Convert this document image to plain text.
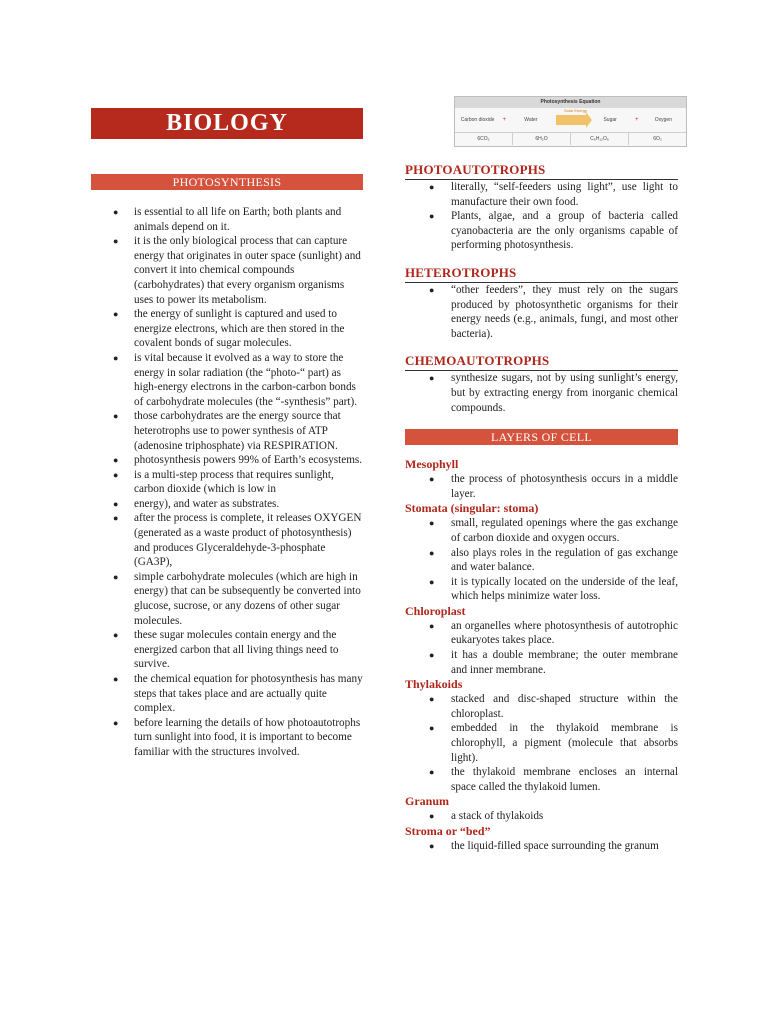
BIOLOGY
PHOTOSYNTHESIS
● is essential to all life on Earth; both plants and animals depend on it.
● it is the only biological process that can capture energy that originates in outer space (sunlight) and convert it into chemical compounds (carbohydrates) that every organism organisms uses to power its metabolism.
● the energy of sunlight is captured and used to energize electrons, which are then stored in the covalent bonds of sugar molecules.
● is vital because it evolved as a way to store the energy in solar radiation (the “photo-“ part) as high-energy electrons in the carbon-carbon bonds of carbohydrate molecules (the “-synthesis” part).
● those carbohydrates are the energy source that heterotrophs use to power synthesis of ATP (adenosine triphosphate) via RESPIRATION.
● photosynthesis powers 99% of Earth’s ecosystems.
● is a multi-step process that requires sunlight, carbon dioxide (which is low in
● energy), and water as substrates.
● after the process is complete, it releases OXYGEN (generated as a waste product of photosynthesis) and produces Glyceraldehyde-3-phosphate (GA3P),
● simple carbohydrate molecules (which are high in energy) that can be subsequently be converted into glucose, sucrose, or any dozens of other sugar molecules.
● these sugar molecules contain energy and the energized carbon that all living things need to survive.
● the chemical equation for photosynthesis has many steps that takes place and are actually quite complex.
● before learning the details of how photoautotrophs turn sunlight into food, it is important to become familiar with the structures involved.
Photosynthesis Equation
Carbon dioxide	+	Water
Solar Energy
Sugar	+	Oxygen
6CO₂	6H₂O	C₆H₁₂O₆	6O₂
PHOTOAUTOTROPHS
● literally, “self-feeders using light”, use light to manufacture their own food.
● Plants, algae, and a group of bacteria called cyanobacteria are the only organisms capable of performing photosynthesis.
HETEROTROPHS
● “other feeders”, they must rely on the sugars produced by photosynthetic organisms for their energy needs (e.g., animals, fungi, and most other bacteria).
CHEMOAUTOTROPHS
● synthesize sugars, not by using sunlight’s energy, but by extracting energy from inorganic chemical compounds.
LAYERS OF CELL
Mesophyll
● the process of photosynthesis occurs in a middle layer.
Stomata (singular: stoma)
● small, regulated openings where the gas exchange of carbon dioxide and oxygen occurs.
● also plays roles in the regulation of gas exchange and water balance.
● it is typically located on the underside of the leaf, which helps minimize water loss.
Chloroplast
● an organelles where photosynthesis of autotrophic eukaryotes takes place.
● it has a double membrane; the outer membrane and inner membrane.
Thylakoids
● stacked and disc-shaped structure within the chloroplast.
● embedded in the thylakoid membrane is chlorophyll, a pigment (molecule that absorbs light).
● the thylakoid membrane encloses an internal space called the thylakoid lumen.
Granum
● a stack of thylakoids
Stroma or “bed”
● the liquid-filled space surrounding the granum
